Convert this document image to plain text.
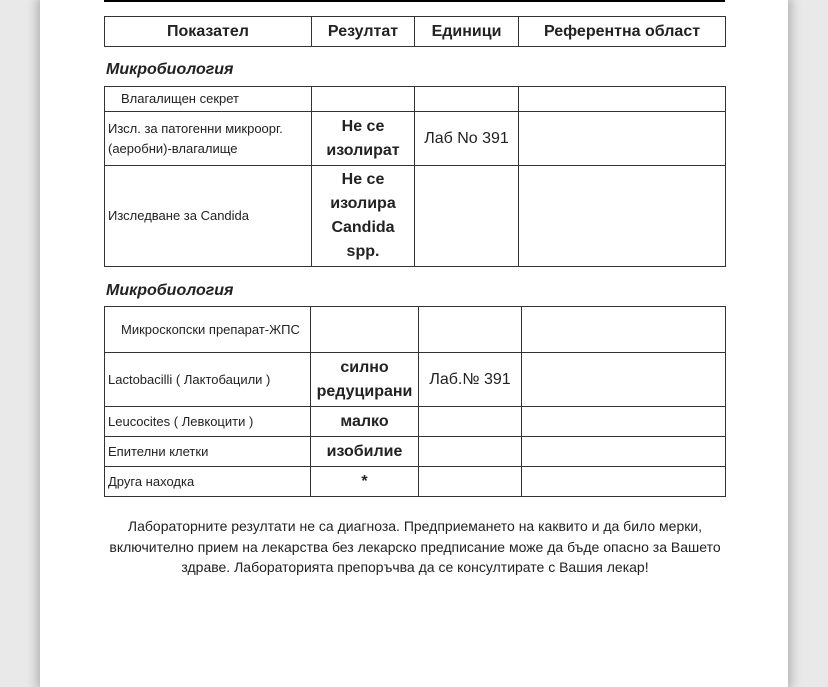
Показател	Резултат	Единици	Референтна област
Микробиология
Влагалищен секрет			
Изсл. за патогенни микроорг. (аеробни)-влагалище	Не се изолират	Лаб No 391	
Изследване за Candida	Не се изолира Candida spp.		
Микробиология
Микроскопски препарат-ЖПС			
Lactobacilli ( Лактобацили )	силно редуцирани	Лаб.№ 391	
Leucocites ( Левкоцити )	малко		
Епителни клетки	изобилие		
Друга находка	*		
Лабораторните резултати не са диагноза. Предприемането на каквито и да било мерки, включително прием на лекарства без лекарско предписание може да бъде опасно за Вашето здраве. Лабораторията препоръчва да се консултирате с Вашия лекар!
